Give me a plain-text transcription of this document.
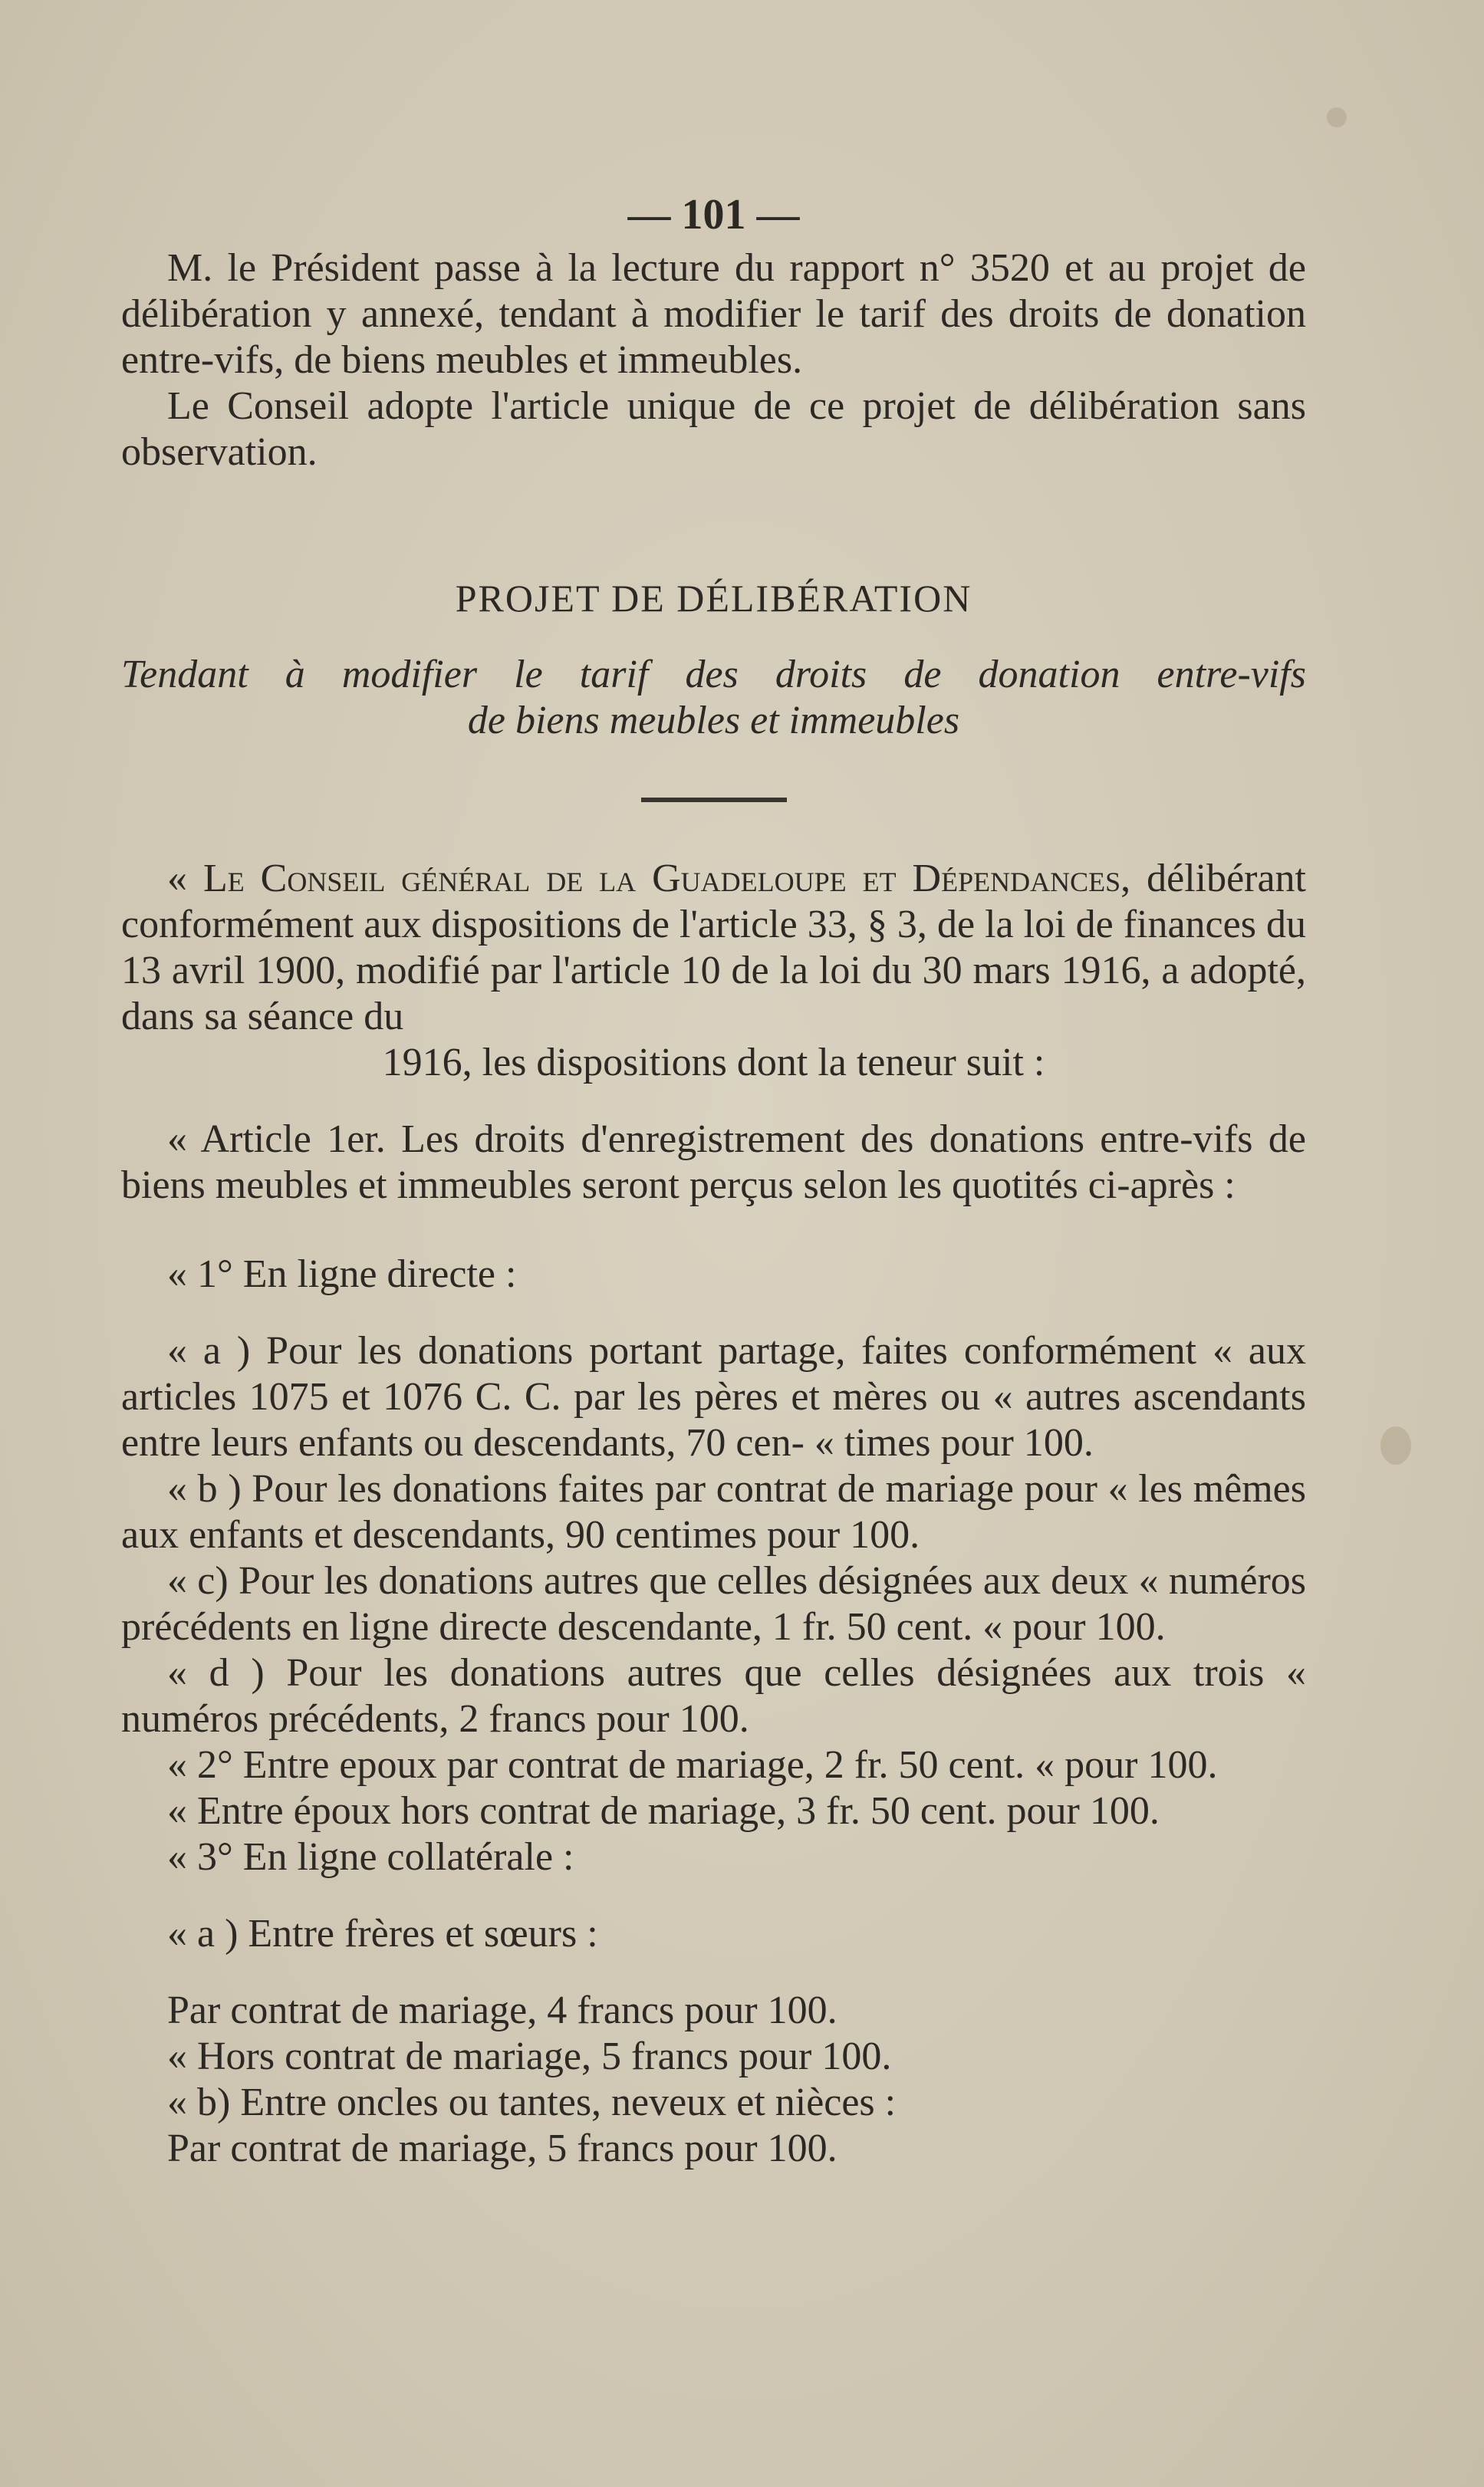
— 101 —

M. le Président passe à la lecture du rapport n° 3520 et au projet de délibération y annexé, tendant à modifier le tarif des droits de donation entre-vifs, de biens meubles et immeubles.

Le Conseil adopte l'article unique de ce projet de délibération sans observation.

PROJET DE DÉLIBÉRATION
Tendant à modifier le tarif des droits de donation entre-vifs
de biens meubles et immeubles

« Le Conseil général de la Guadeloupe et Dépendances, délibérant conformément aux dispositions de l'article 33, § 3, de la loi de finances du 13 avril 1900, modifié par l'article 10 de la loi du 30 mars 1916, a adopté, dans sa séance du

1916, les dispositions dont la teneur suit :

« Article 1er. Les droits d'enregistrement des donations entre-vifs de biens meubles et immeubles seront perçus selon les quotités ci-après :

« 1° En ligne directe :

« a ) Pour les donations portant partage, faites conformément « aux articles 1075 et 1076 C. C. par les pères et mères ou « autres ascendants entre leurs enfants ou descendants, 70 cen- « times pour 100.

« b ) Pour les donations faites par contrat de mariage pour « les mêmes aux enfants et descendants, 90 centimes pour 100.

« c) Pour les donations autres que celles désignées aux deux « numéros précédents en ligne directe descendante, 1 fr. 50 cent. « pour 100.

« d ) Pour les donations autres que celles désignées aux trois « numéros précédents, 2 francs pour 100.

« 2° Entre epoux par contrat de mariage, 2 fr. 50 cent. « pour 100.

« Entre époux hors contrat de mariage, 3 fr. 50 cent. pour 100.

« 3° En ligne collatérale :

« a ) Entre frères et sœurs :

Par contrat de mariage, 4 francs pour 100.

« Hors contrat de mariage, 5 francs pour 100.

« b) Entre oncles ou tantes, neveux et nièces :

Par contrat de mariage, 5 francs pour 100.
